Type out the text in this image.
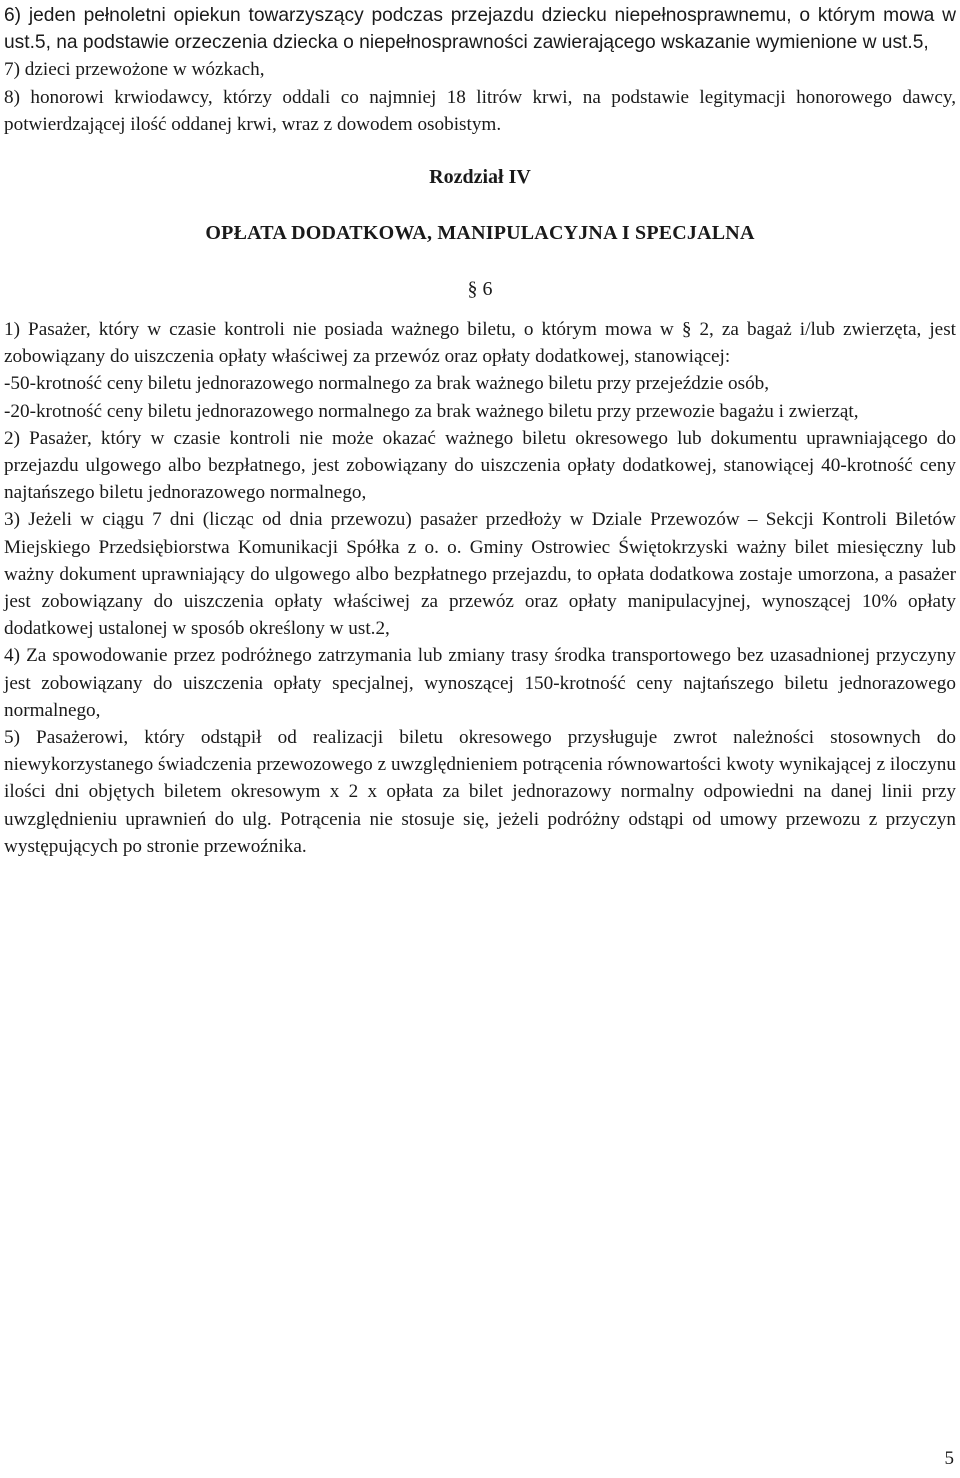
6) jeden pełnoletni opiekun towarzyszący podczas przejazdu dziecku niepełnosprawnemu, o którym mowa w ust.5, na podstawie orzeczenia dziecka o niepełnosprawności zawierającego wskazanie wymienione w ust.5,

7) dzieci przewożone w wózkach,

8) honorowi krwiodawcy, którzy oddali co najmniej 18 litrów krwi, na podstawie legitymacji honorowego dawcy, potwierdzającej ilość oddanej krwi, wraz z dowodem osobistym.

Rozdział IV
OPŁATA DODATKOWA, MANIPULACYJNA I SPECJALNA

§ 6

1) Pasażer, który w czasie kontroli nie posiada ważnego biletu, o którym mowa w § 2, za bagaż i/lub zwierzęta, jest zobowiązany do uiszczenia opłaty właściwej za przewóz oraz opłaty dodatkowej, stanowiącej:

-50-krotność ceny biletu jednorazowego normalnego za brak ważnego biletu przy przejeździe osób,

-20-krotność ceny biletu jednorazowego normalnego za brak ważnego biletu przy przewozie bagażu i zwierząt,

2) Pasażer, który w czasie kontroli nie może okazać ważnego biletu okresowego lub dokumentu uprawniającego do przejazdu ulgowego albo bezpłatnego, jest zobowiązany do uiszczenia opłaty dodatkowej, stanowiącej 40-krotność ceny najtańszego biletu jednorazowego normalnego,

3) Jeżeli w ciągu 7 dni (licząc od dnia przewozu) pasażer przedłoży w Dziale Przewozów – Sekcji Kontroli Biletów Miejskiego Przedsiębiorstwa Komunikacji Spółka z o. o. Gminy Ostrowiec Świętokrzyski ważny bilet miesięczny lub ważny dokument uprawniający do ulgowego albo bezpłatnego przejazdu, to opłata dodatkowa zostaje umorzona, a pasażer jest zobowiązany do uiszczenia opłaty właściwej za przewóz oraz opłaty manipulacyjnej, wynoszącej 10% opłaty dodatkowej ustalonej w sposób określony w ust.2,

4) Za spowodowanie przez podróżnego zatrzymania lub zmiany trasy środka transportowego bez uzasadnionej przyczyny jest zobowiązany do uiszczenia opłaty specjalnej, wynoszącej 150-krotność ceny najtańszego biletu jednorazowego normalnego,

5) Pasażerowi, który odstąpił od realizacji biletu okresowego przysługuje zwrot należności stosownych do niewykorzystanego świadczenia przewozowego z uwzględnieniem potrącenia równowartości kwoty wynikającej z iloczynu ilości dni objętych biletem okresowym x 2 x opłata za bilet jednorazowy normalny odpowiedni na danej linii przy uwzględnieniu uprawnień do ulg. Potrącenia nie stosuje się, jeżeli podróżny odstąpi od umowy przewozu z przyczyn występujących po stronie przewoźnika.

5
